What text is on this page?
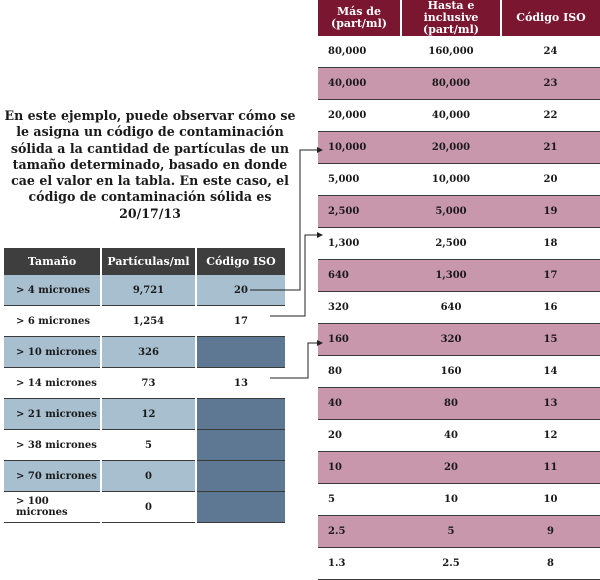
En este ejemplo, puede observar cómo se le asigna un código de contaminación sólida a la cantidad de partículas de un tamaño determinado, basado en donde cae el valor en la tabla. En este caso, el código de contaminación sólida es 20/17/13

Tamaño	Partículas/ml	Código ISO
> 4 micrones	9,721	20
> 6 micrones	1,254	17
> 10 micrones	326	
> 14 micrones	73	13
> 21 micrones	12	
> 38 micrones	5	
> 70 micrones	0	
> 100 micrones	0	
Más de (part/ml)	Hasta e inclusive (part/ml)	Código ISO
80,000	160,000	24
40,000	80,000	23
20,000	40,000	22
10,000	20,000	21
5,000	10,000	20
2,500	5,000	19
1,300	2,500	18
640	1,300	17
320	640	16
160	320	15
80	160	14
40	80	13
20	40	12
10	20	11
5	10	10
2.5	5	9
1.3	2.5	8
